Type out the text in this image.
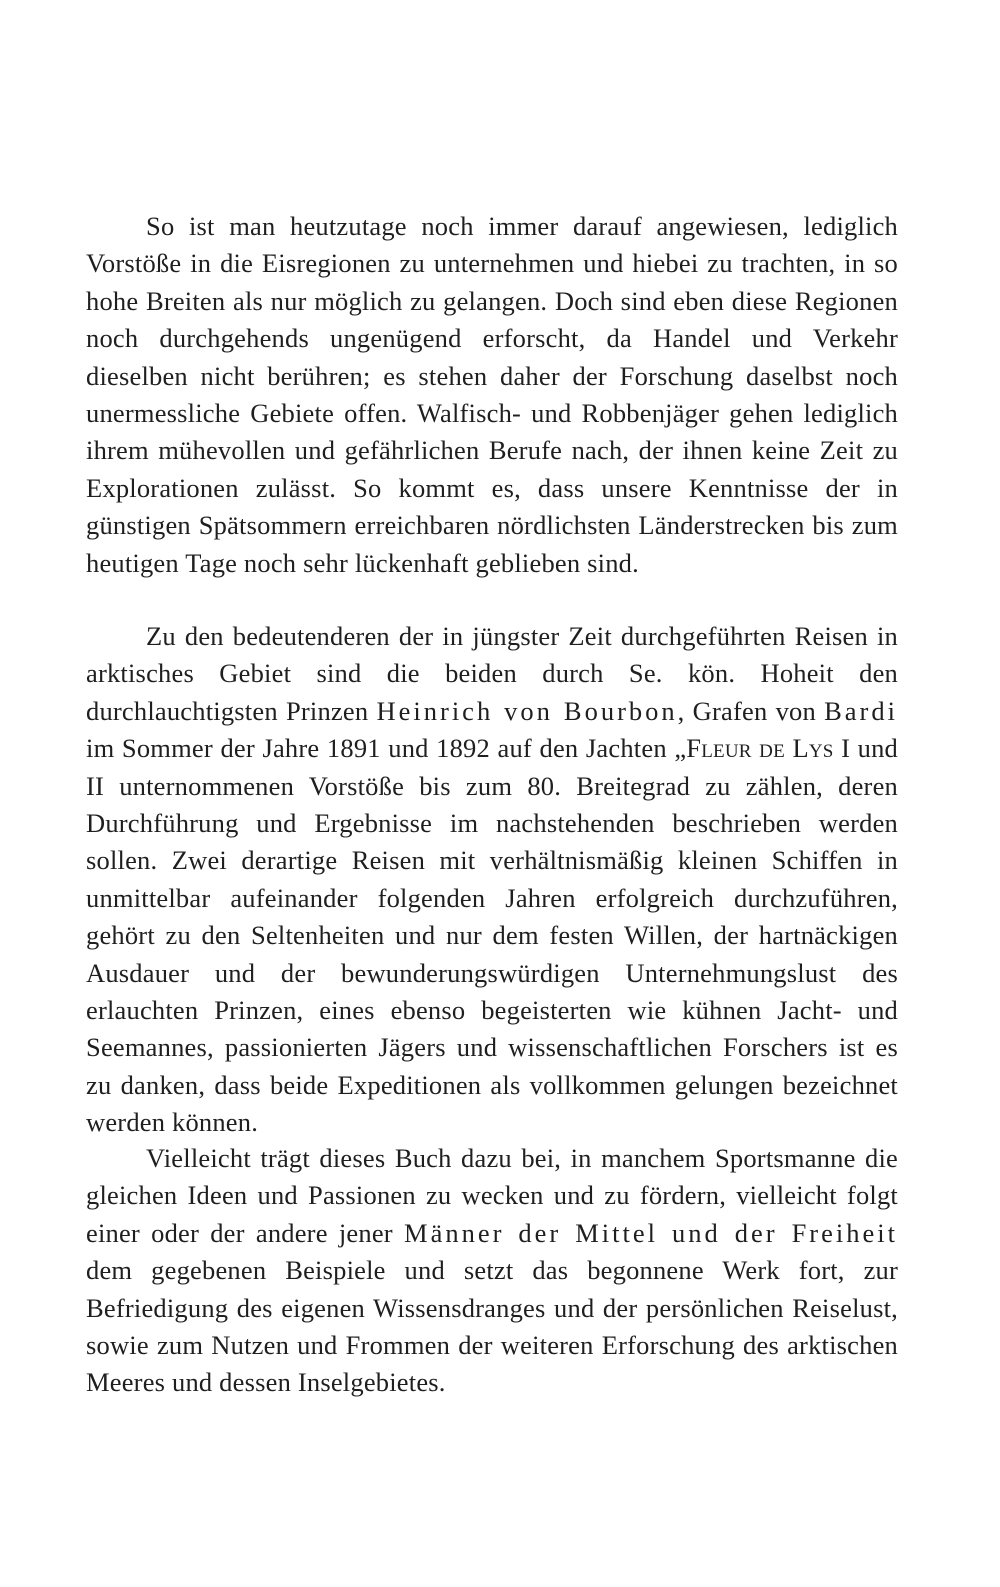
So ist man heutzutage noch immer darauf angewiesen, lediglich Vorstöße in die Eisregionen zu unternehmen und hiebei zu trachten, in so hohe Breiten als nur möglich zu gelangen. Doch sind eben diese Regionen noch durchgehends ungenügend erforscht, da Handel und Verkehr dieselben nicht berühren; es stehen daher der Forschung daselbst noch unermessliche Gebiete offen. Walfisch- und Robbenjäger gehen lediglich ihrem mühevollen und gefährlichen Berufe nach, der ihnen keine Zeit zu Explorationen zulässt. So kommt es, dass unsere Kenntnisse der in günstigen Spätsommern erreichbaren nördlichsten Länderstrecken bis zum heutigen Tage noch sehr lückenhaft geblieben sind.

Zu den bedeutenderen der in jüngster Zeit durchgeführten Reisen in arktisches Gebiet sind die beiden durch Se. kön. Hoheit den durchlauchtigsten Prinzen Heinrich von Bourbon, Grafen von Bardi im Sommer der Jahre 1891 und 1892 auf den Jachten „Fleur de Lys I und II unternommenen Vorstöße bis zum 80. Breitegrad zu zählen, deren Durchführung und Ergebnisse im nachstehenden beschrieben werden sollen. Zwei derartige Reisen mit verhältnismäßig kleinen Schiffen in unmittelbar aufeinander folgenden Jahren erfolgreich durchzuführen, gehört zu den Seltenheiten und nur dem festen Willen, der hartnäckigen Ausdauer und der bewunderungswürdigen Unternehmungslust des erlauchten Prinzen, eines ebenso begeisterten wie kühnen Jacht- und Seemannes, passionierten Jägers und wissenschaftlichen Forschers ist es zu danken, dass beide Expeditionen als vollkommen gelungen bezeichnet werden können.

Vielleicht trägt dieses Buch dazu bei, in manchem Sportsmanne die gleichen Ideen und Passionen zu wecken und zu fördern, vielleicht folgt einer oder der andere jener Männer der Mittel und der Freiheit dem gegebenen Beispiele und setzt das begonnene Werk fort, zur Befriedigung des eigenen Wissensdranges und der persönlichen Reiselust, sowie zum Nutzen und Frommen der weiteren Erforschung des arktischen Meeres und dessen Inselgebietes.
